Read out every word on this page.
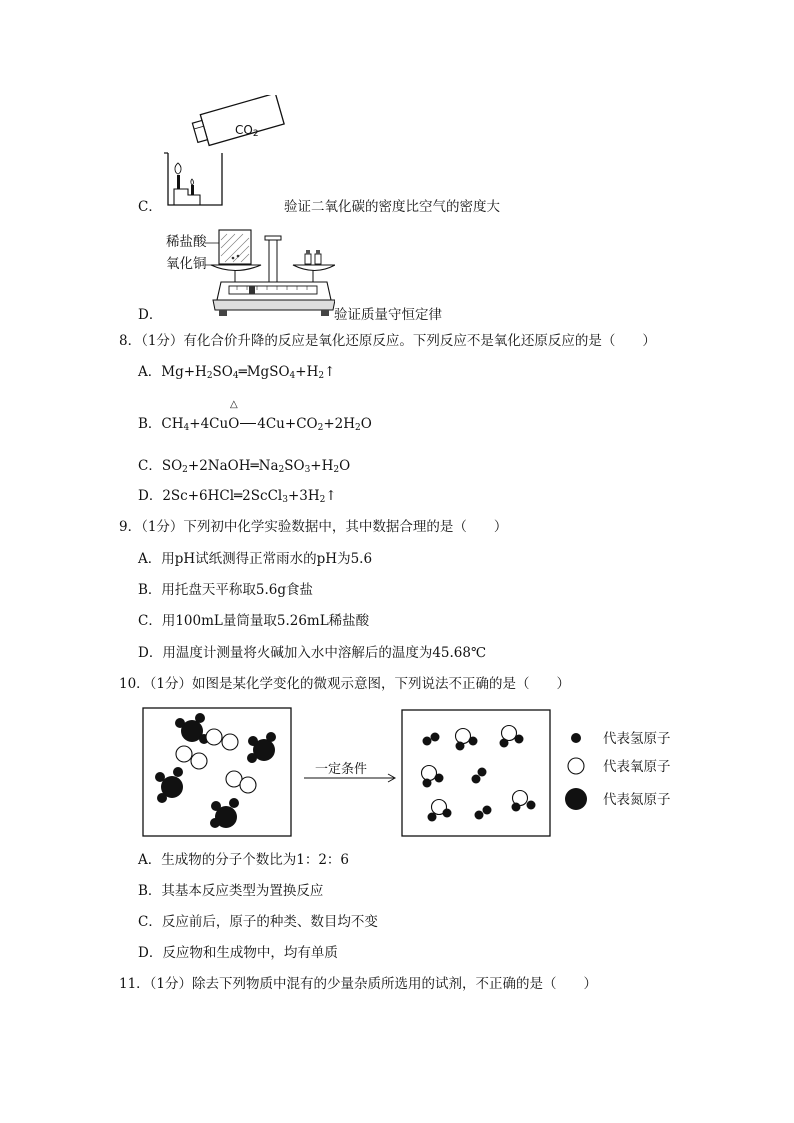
$CO_2$
C．	验证二氧化碳的密度比空气的密度大
稀盐酸
氧化铜
D．	验证质量守恒定律
8．（1分）有化合价升降的反应是氧化还原反应。下列反应不是氧化还原反应的是（　　）
A．$Mg+H_2SO_4═MgSO_4+H_2↑$
△
B．$CH_4+4CuO$ $4Cu+CO_2+2H_2O$
C．$SO_2+2NaOH═Na_2SO_3+H_2O$
D．$2Sc+6HCl═2ScCl_3+3H_2↑$
9．（1分）下列初中化学实验数据中，其中数据合理的是（　　）
A．用pH试纸测得正常雨水的pH为5.6
B．用托盘天平称取5.6g食盐
C．用100mL量筒量取5.26mL稀盐酸
D．用温度计测量将火碱加入水中溶解后的温度为45.68℃
10．（1分）如图是某化学变化的微观示意图，下列说法不正确的是（　　）
一定条件
代表氢原子
代表氧原子
代表氮原子
A．生成物的分子个数比为1：2：6
B．其基本反应类型为置换反应
C．反应前后，原子的种类、数目均不变
D．反应物和生成物中，均有单质
11．（1分）除去下列物质中混有的少量杂质所选用的试剂，不正确的是（　　）
